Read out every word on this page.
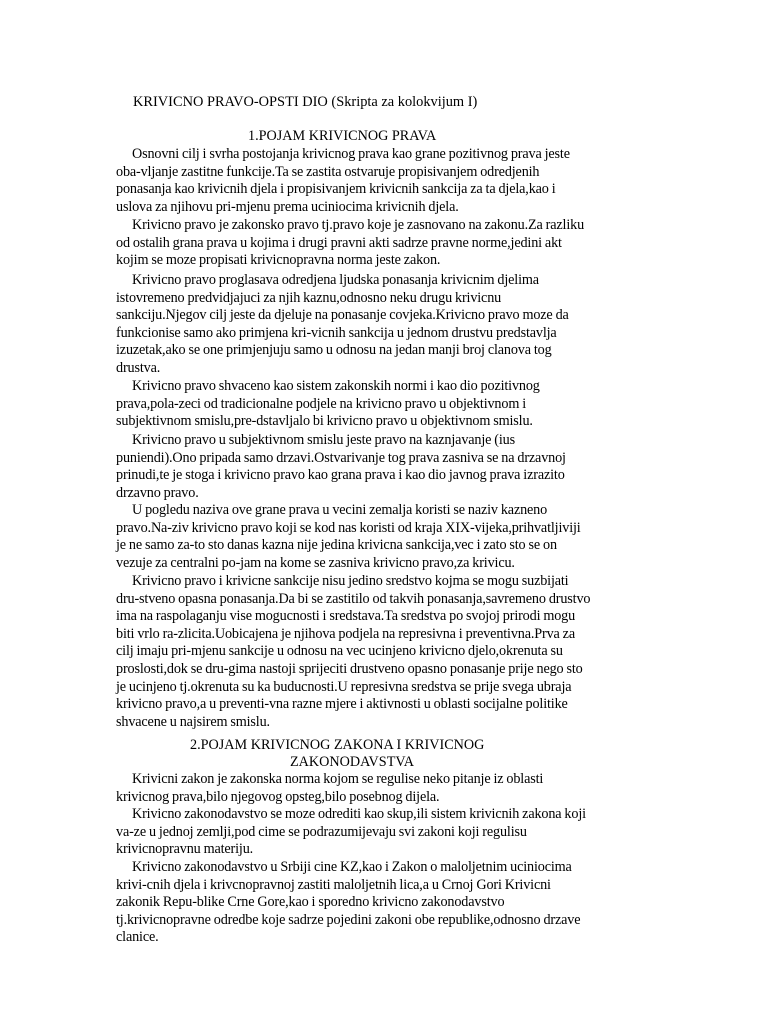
KRIVICNO PRAVO-OPSTI DIO (Skripta za kolokvijum I)
1.POJAM KRIVICNOG PRAVA
Osnovni cilj i svrha postojanja krivicnog prava kao grane pozitivnog prava jeste
oba-vljanje zastitne funkcije.Ta se zastita ostvaruje propisivanjem odredjenih
ponasanja kao krivicnih djela i propisivanjem krivicnih sankcija za ta djela,kao i
uslova za njihovu pri-mjenu prema uciniocima krivicnih djela.
Krivicno pravo je zakonsko pravo tj.pravo koje je zasnovano na zakonu.Za razliku
od ostalih grana prava u kojima i drugi pravni akti sadrze pravne norme,jedini akt
kojim se moze propisati krivicnopravna norma jeste zakon.
Krivicno pravo proglasava odredjena ljudska ponasanja krivicnim djelima
istovremeno predvidjajuci za njih kaznu,odnosno neku drugu krivicnu
sankciju.Njegov cilj jeste da djeluje na ponasanje covjeka.Krivicno pravo moze da
funkcionise samo ako primjena kri-vicnih sankcija u jednom drustvu predstavlja
izuzetak,ako se one primjenjuju samo u odnosu na jedan manji broj clanova tog
drustva.
Krivicno pravo shvaceno kao sistem zakonskih normi i kao dio pozitivnog
prava,pola-zeci od tradicionalne podjele na krivicno pravo u objektivnom i
subjektivnom smislu,pre-dstavljalo bi krivicno pravo u objektivnom smislu.
Krivicno pravo u subjektivnom smislu jeste pravo na kaznjavanje (ius
puniendi).Ono pripada samo drzavi.Ostvarivanje tog prava zasniva se na drzavnoj
prinudi,te je stoga i krivicno pravo kao grana prava i kao dio javnog prava izrazito
drzavno pravo.
U pogledu naziva ove grane prava u vecini zemalja koristi se naziv kazneno
pravo.Na-ziv krivicno pravo koji se kod nas koristi od kraja XIX-vijeka,prihvatljiviji
je ne samo za-to sto danas kazna nije jedina krivicna sankcija,vec i zato sto se on
vezuje za centralni po-jam na kome se zasniva krivicno pravo,za krivicu.
Krivicno pravo i krivicne sankcije nisu jedino sredstvo kojma se mogu suzbijati
dru-stveno opasna ponasanja.Da bi se zastitilo od takvih ponasanja,savremeno drustvo
ima na raspolaganju vise mogucnosti i sredstava.Ta sredstva po svojoj prirodi mogu
biti vrlo ra-zlicita.Uobicajena je njihova podjela na represivna i preventivna.Prva za
cilj imaju pri-mjenu sankcije u odnosu na vec ucinjeno krivicno djelo,okrenuta su
proslosti,dok se dru-gima nastoji sprijeciti drustveno opasno ponasanje prije nego sto
je ucinjeno tj.okrenuta su ka buducnosti.U represivna sredstva se prije svega ubraja
krivicno pravo,a u preventi-vna razne mjere i aktivnosti u oblasti socijalne politike
shvacene u najsirem smislu.
2.POJAM KRIVICNOG ZAKONA I KRIVICNOG
ZAKONODAVSTVA
Krivicni zakon je zakonska norma kojom se regulise neko pitanje iz oblasti
krivicnog prava,bilo njegovog opsteg,bilo posebnog dijela.
Krivicno zakonodavstvo se moze odrediti kao skup,ili sistem krivicnih zakona koji
va-ze u jednoj zemlji,pod cime se podrazumijevaju svi zakoni koji regulisu
krivicnopravnu materiju.
Krivicno zakonodavstvo u Srbiji cine KZ,kao i Zakon o maloljetnim uciniocima
krivi-cnih djela i krivcnopravnoj zastiti maloljetnih lica,a u Crnoj Gori Krivicni
zakonik Repu-blike Crne Gore,kao i sporedno krivicno zakonodavstvo
tj.krivicnopravne odredbe koje sadrze pojedini zakoni obe republike,odnosno drzave
clanice.
